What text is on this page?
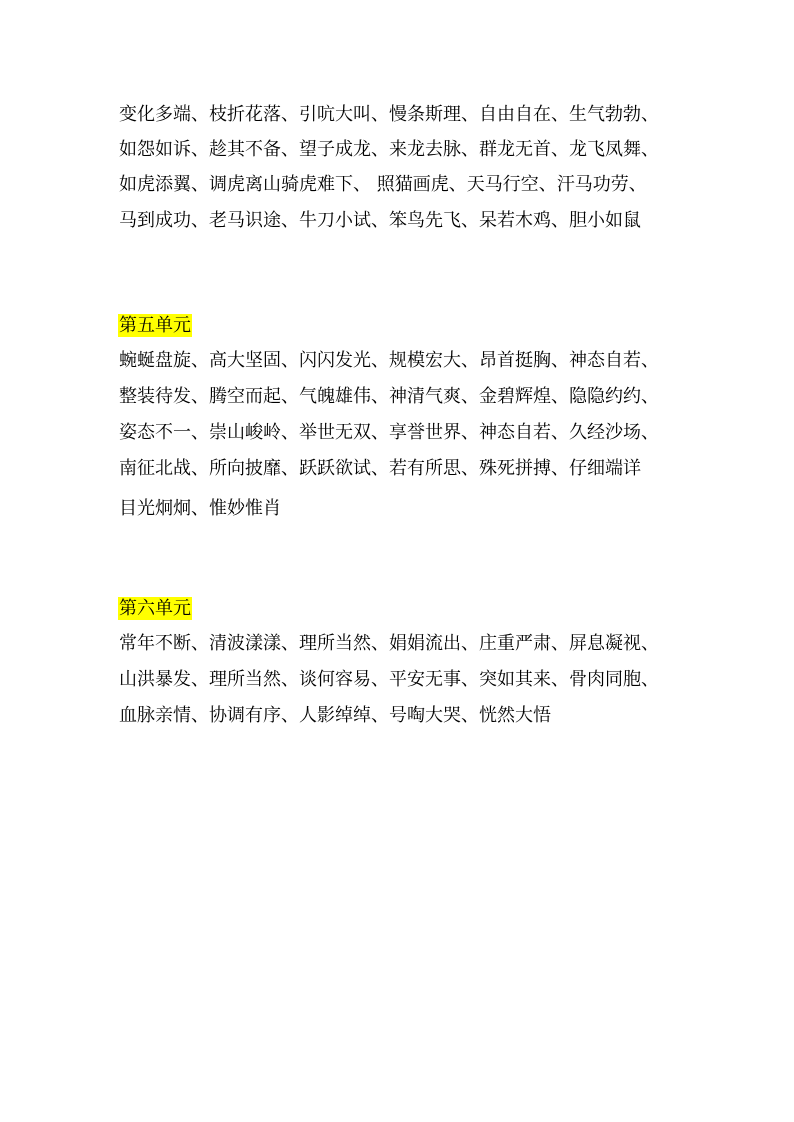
变化多端、枝折花落、引吭大叫、慢条斯理、自由自在、生气勃勃、
如怨如诉、趁其不备、望子成龙、来龙去脉、群龙无首、龙飞凤舞、
如虎添翼、调虎离山骑虎难下、 照猫画虎、天马行空、汗马功劳、
马到成功、老马识途、牛刀小试、笨鸟先飞、呆若木鸡、胆小如鼠
第五单元
蜿蜒盘旋、高大坚固、闪闪发光、规模宏大、昂首挺胸、神态自若、
整装待发、腾空而起、气魄雄伟、神清气爽、金碧辉煌、隐隐约约、
姿态不一、崇山峻岭、举世无双、享誉世界、神态自若、久经沙场、
南征北战、所向披靡、跃跃欲试、若有所思、殊死拼搏、仔细端详
目光炯炯、惟妙惟肖
第六单元
常年不断、清波漾漾、理所当然、娟娟流出、庄重严肃、屏息凝视、
山洪暴发、理所当然、谈何容易、平安无事、突如其来、骨肉同胞、
血脉亲情、协调有序、人影绰绰、号啕大哭、恍然大悟
